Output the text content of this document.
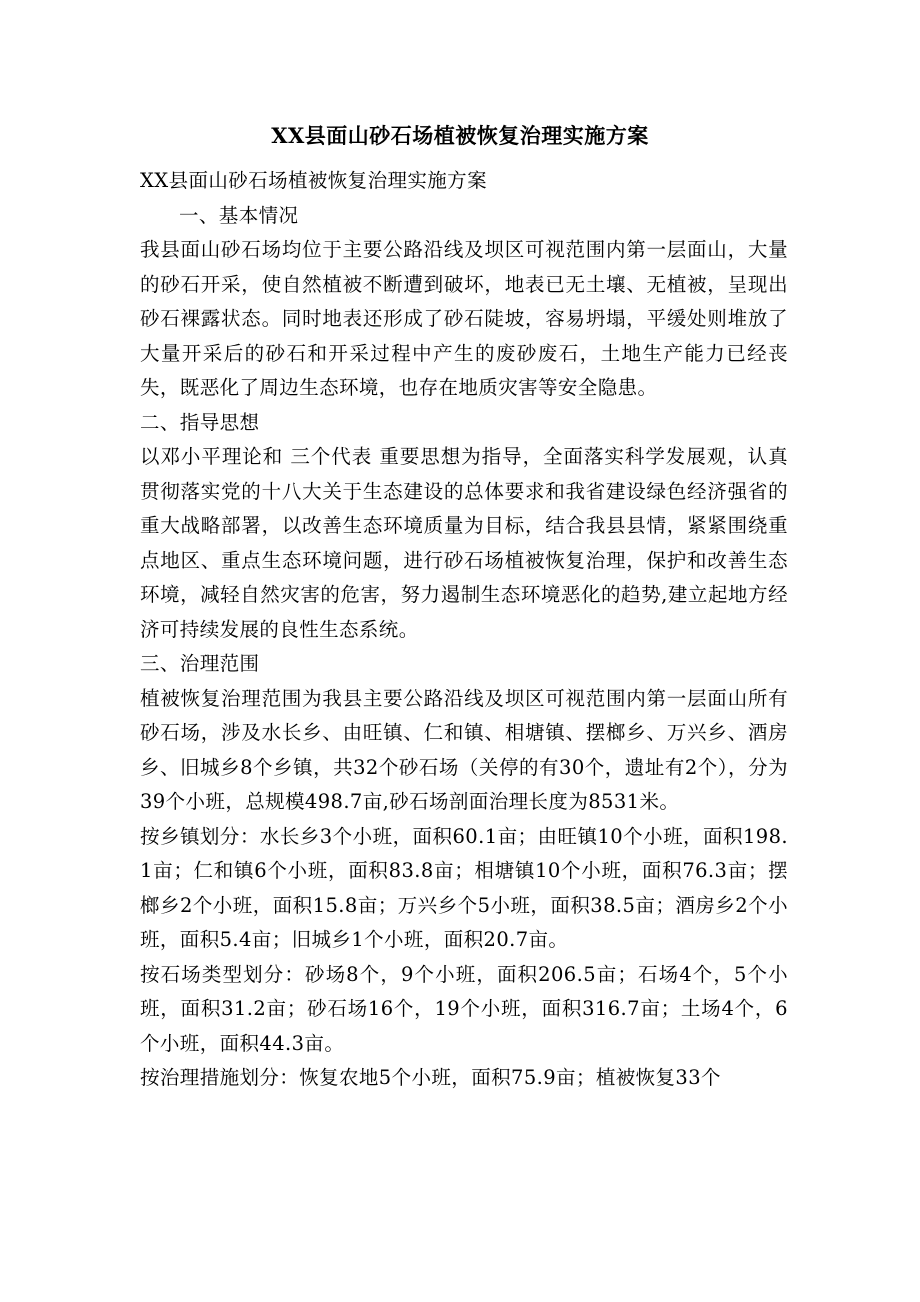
XX县面山砂石场植被恢复治理实施方案

XX县面山砂石场植被恢复治理实施方案

一、基本情况

我县面山砂石场均位于主要公路沿线及坝区可视范围内第一层面山，大量的砂石开采，使自然植被不断遭到破坏，地表已无土壤、无植被，呈现出砂石裸露状态。同时地表还形成了砂石陡坡，容易坍塌，平缓处则堆放了大量开采后的砂石和开采过程中产生的废砂废石，土地生产能力已经丧失，既恶化了周边生态环境，也存在地质灾害等安全隐患。

二、指导思想

以邓小平理论和 三个代表 重要思想为指导，全面落实科学发展观，认真贯彻落实党的十八大关于生态建设的总体要求和我省建设绿色经济强省的重大战略部署，以改善生态环境质量为目标，结合我县县情，紧紧围绕重点地区、重点生态环境问题，进行砂石场植被恢复治理，保护和改善生态环境，减轻自然灾害的危害，努力遏制生态环境恶化的趋势,建立起地方经济可持续发展的良性生态系统。

三、治理范围

植被恢复治理范围为我县主要公路沿线及坝区可视范围内第一层面山所有砂石场，涉及水长乡、由旺镇、仁和镇、相塘镇、摆榔乡、万兴乡、酒房乡、旧城乡8个乡镇，共32个砂石场（关停的有30个，遗址有2个），分为39个小班，总规模498.7亩,砂石场剖面治理长度为8531米。

按乡镇划分：水长乡3个小班，面积60.1亩；由旺镇10个小班，面积198.1亩；仁和镇6个小班，面积83.8亩；相塘镇10个小班，面积76.3亩；摆榔乡2个小班，面积15.8亩；万兴乡个5小班，面积38.5亩；酒房乡2个小班，面积5.4亩；旧城乡1个小班，面积20.7亩。

按石场类型划分：砂场8个，9个小班，面积206.5亩；石场4个，5个小班，面积31.2亩；砂石场16个，19个小班，面积316.7亩；土场4个，6个小班，面积44.3亩。

按治理措施划分：恢复农地5个小班，面积75.9亩；植被恢复33个
